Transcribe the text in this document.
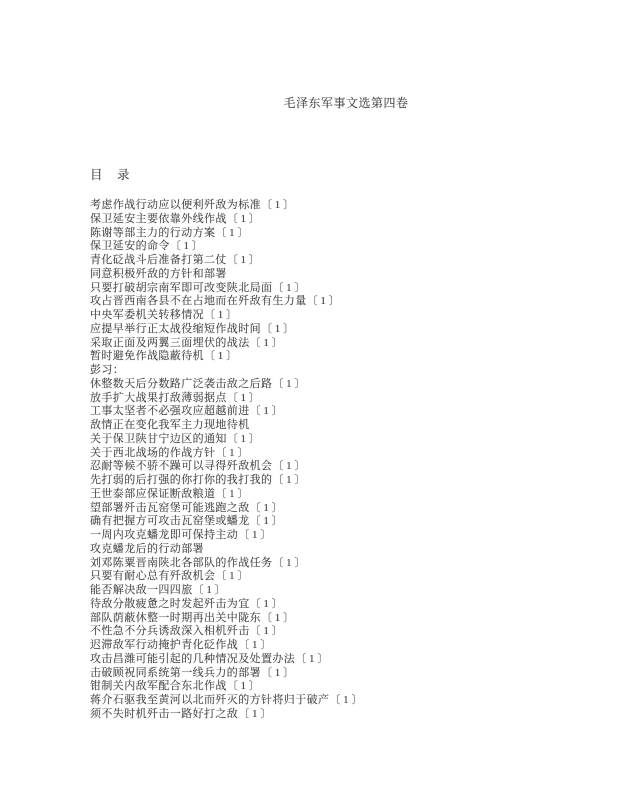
毛泽东军事文选第四卷
目　录
考虑作战行动应以便利歼敌为标准〔 1 〕
保卫延安主要依靠外线作战〔 1 〕
陈谢等部主力的行动方案〔 1 〕
保卫延安的命令〔 1 〕
青化砭战斗后准备打第二仗〔 1 〕
同意积极歼敌的方针和部署
只要打破胡宗南军即可改变陕北局面〔 1 〕
攻占晋西南各县不在占地而在歼敌有生力量〔 1 〕
中央军委机关转移情况〔 1 〕
应提早举行正太战役缩短作战时间〔 1 〕
采取正面及两翼三面埋伏的战法〔 1 〕
暂时避免作战隐蔽待机〔 1 〕
彭习：
休整数天后分数路广泛袭击敌之后路〔 1 〕
放手扩大战果打敌薄弱据点〔 1 〕
工事太坚者不必强攻应超越前进〔 1 〕
敌情正在变化我军主力现地待机
关于保卫陕甘宁边区的通知〔 1 〕
关于西北战场的作战方针〔 1 〕
忍耐等候不骄不躁可以寻得歼敌机会〔 1 〕
先打弱的后打强的你打你的我打我的〔 1 〕
王世泰部应保证断敌粮道〔 1 〕
望部署歼击瓦窑堡可能逃跑之敌〔 1 〕
确有把握方可攻击瓦窑堡或蟠龙〔 1 〕
一周内攻克蟠龙即可保持主动〔 1 〕
攻克蟠龙后的行动部署
刘邓陈粟晋南陕北各部队的作战任务〔 1 〕
只要有耐心总有歼敌机会〔 1 〕
能否解决敌一四四旅〔 1 〕
待敌分散疲惫之时发起歼击为宜〔 1 〕
部队荫蔽休整一时期再出关中陇东〔 1 〕
不性急不分兵诱敌深入相机歼击〔 1 〕
迟滞敌军行动掩护青化砭作战〔 1 〕
攻击昌潍可能引起的几种情况及处置办法〔 1 〕
击破顾祝同系统第一线兵力的部署〔 1 〕
钳制关内敌军配合东北作战〔 1 〕
蒋介石驱我至黄河以北而歼灭的方针将归于破产〔 1 〕
须不失时机歼击一路好打之敌〔 1 〕
